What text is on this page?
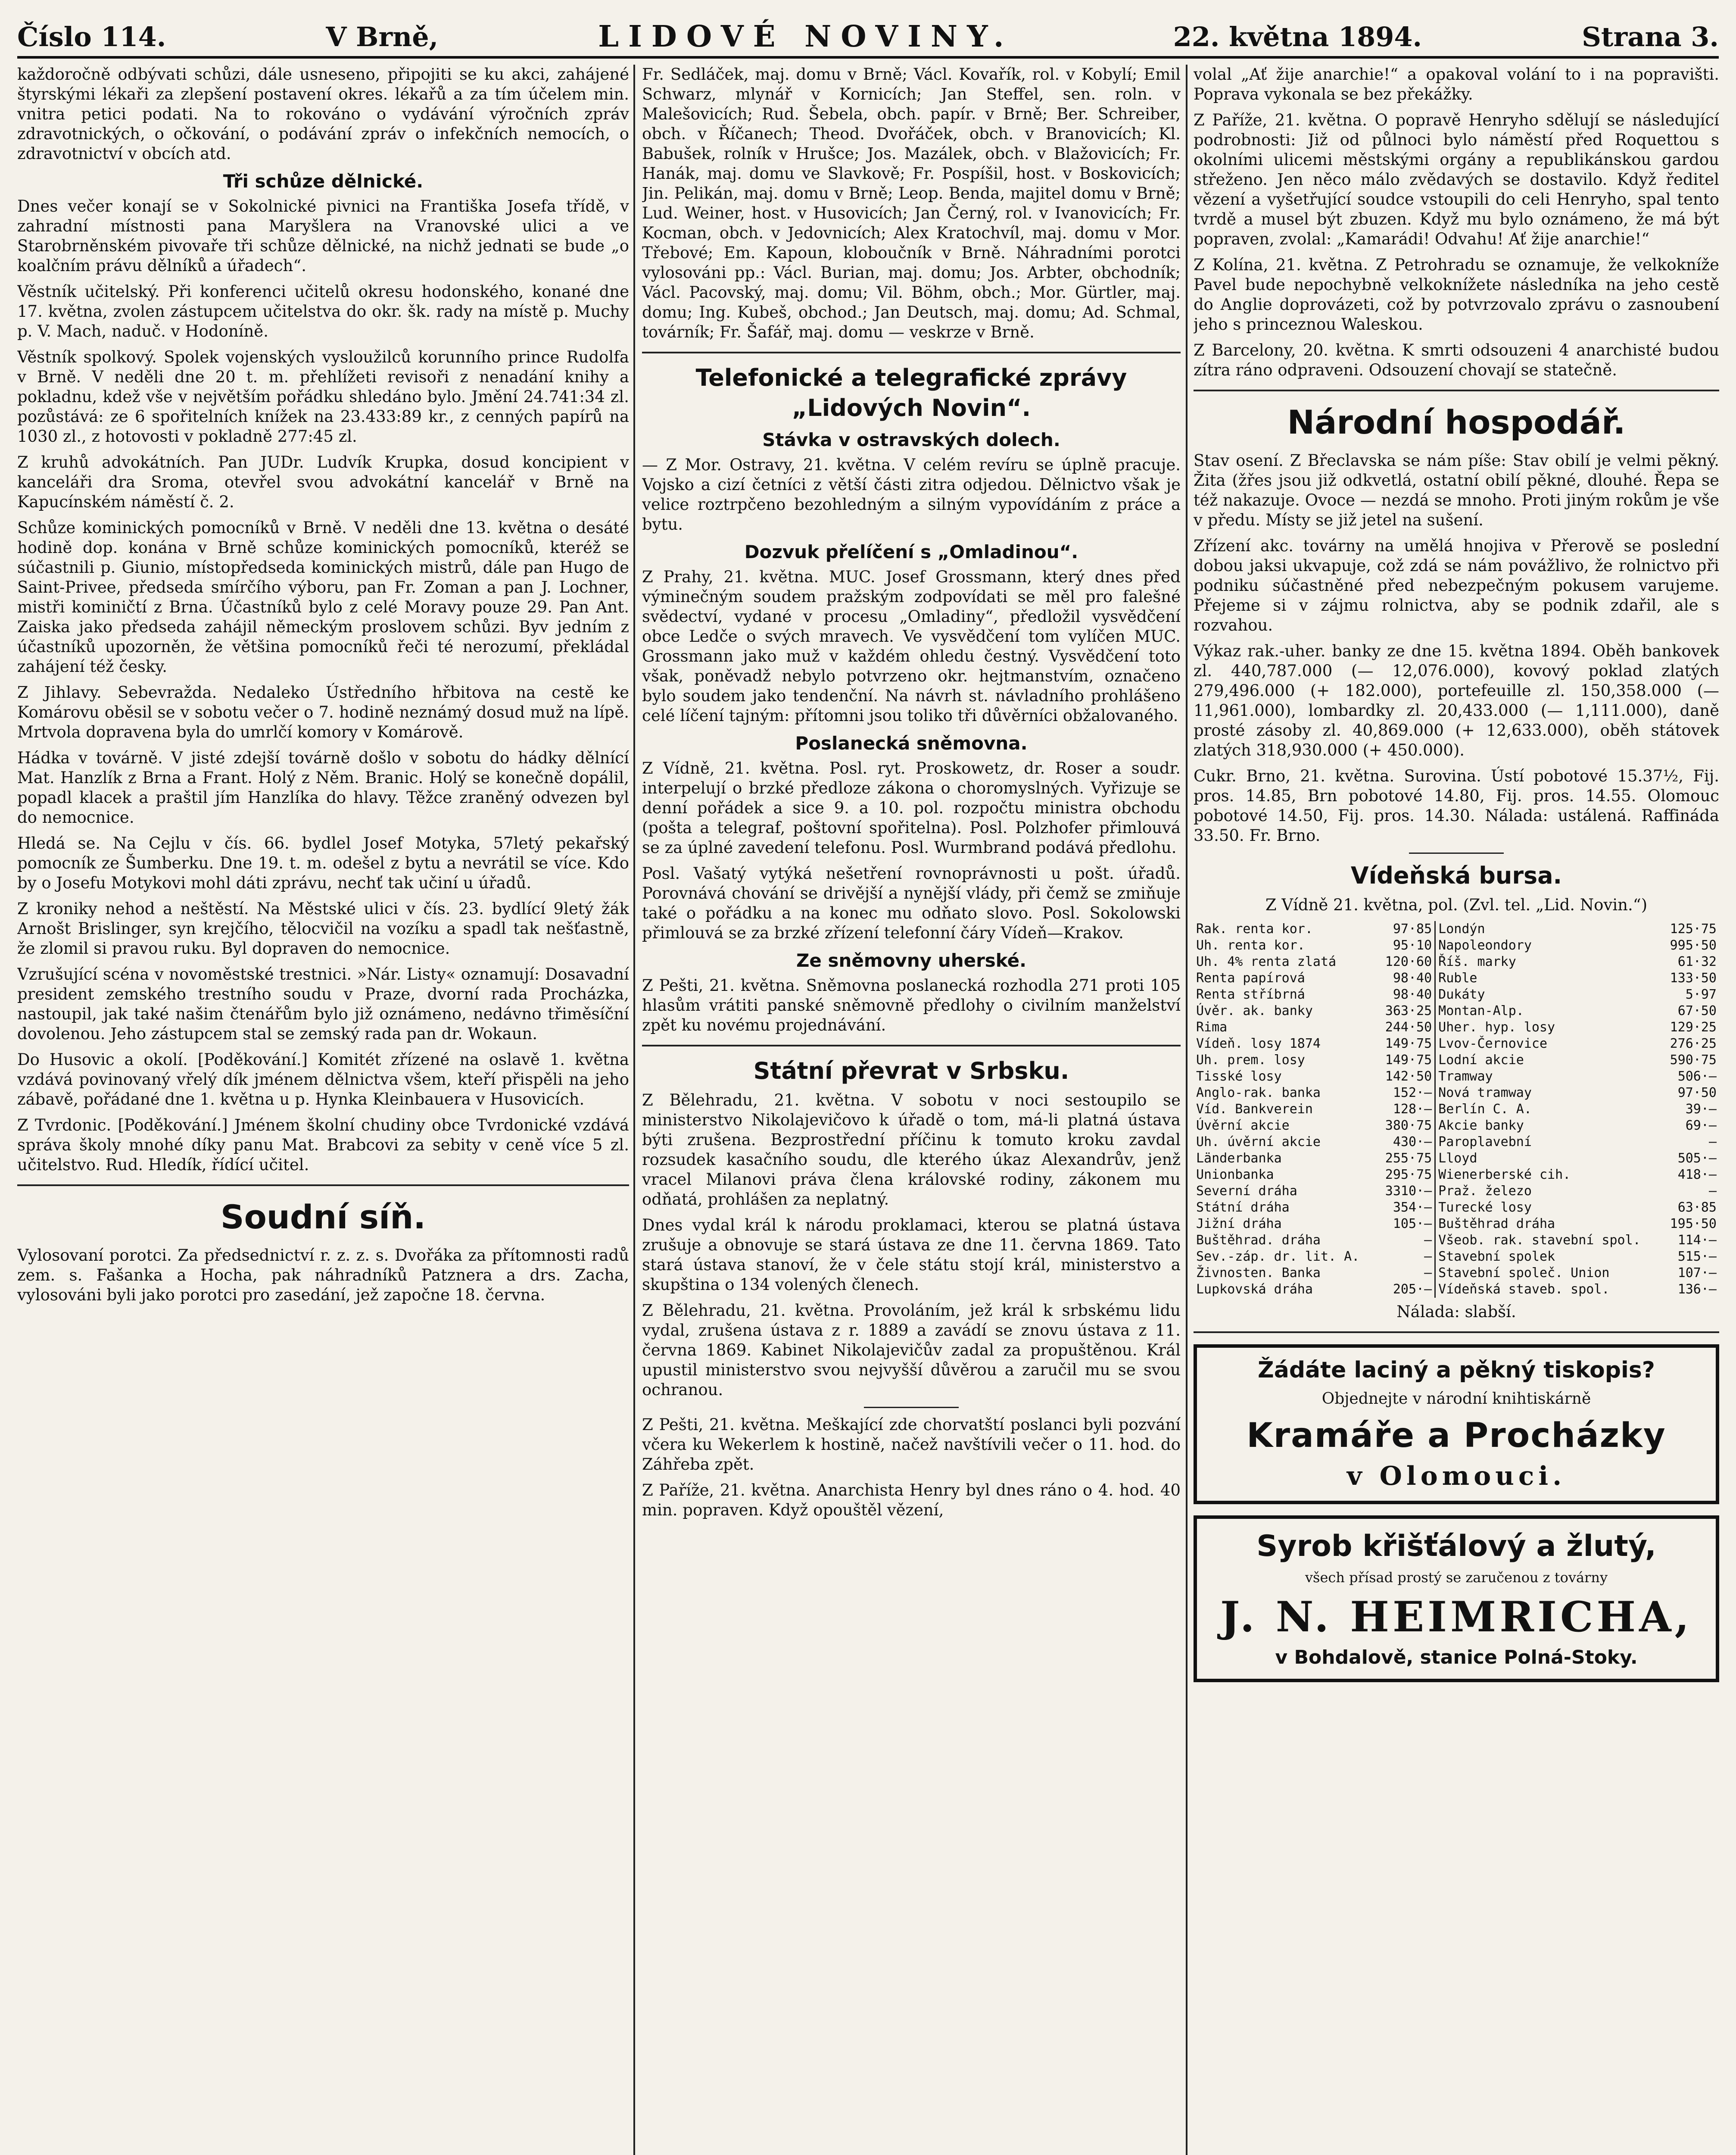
Číslo 114.	V Brně,	LIDOVÉ NOVINY.	22. května 1894.	Strana 3.

každoročně odbývati schůzi, dále usneseno, připojiti se ku akci, zahájené štyrskými lékaři za zlepšení postavení okres. lékařů a za tím účelem min. vnitra petici podati. Na to rokováno o vydávání výročních zpráv zdravotnických, o očkování, o podávání zpráv o infekčních nemocích, o zdravotnictví v obcích atd.

Tři schůze dělnické.

Dnes večer konají se v Sokolnické pivnici na Františka Josefa třídě, v zahradní místnosti pana Maryšlera na Vranovské ulici a ve Starobrněnském pivovaře tři schůze dělnické, na nichž jednati se bude „o koalčním právu dělníků a úřadech“.

Věstník učitelský. Při konferenci učitelů okresu hodonského, konané dne 17. května, zvolen zástupcem učitelstva do okr. šk. rady na místě p. Muchy p. V. Mach, naduč. v Hodoníně.

Věstník spolkový. Spolek vojenských vysloužilců korunního prince Rudolfa v Brně. V neděli dne 20 t. m. přehlížeti revisoři z nenadání knihy a pokladnu, kdež vše v největším pořádku shledáno bylo. Jmění 24.741:34 zl. pozůstává: ze 6 spořitelních knížek na 23.433:89 kr., z cenných papírů na 1030 zl., z hotovosti v pokladně 277:45 zl.

Z kruhů advokátních. Pan JUDr. Ludvík Krupka, dosud koncipient v kanceláři dra Sroma, otevřel svou advokátní kancelář v Brně na Kapucínském náměstí č. 2.

Schůze kominických pomocníků v Brně. V neděli dne 13. května o desáté hodině dop. konána v Brně schůze kominických pomocníků, kteréž se súčastnili p. Giunio, místopředseda kominických mistrů, dále pan Hugo de Saint-Privee, předseda smírčího výboru, pan Fr. Zoman a pan J. Lochner, mistři kominičtí z Brna. Účastníků bylo z celé Moravy pouze 29. Pan Ant. Zaiska jako předseda zahájil německým proslovem schůzi. Byv jedním z účastníků upozorněn, že většina pomocníků řeči té nerozumí, překládal zahájení též česky.

Z Jihlavy. Sebevražda. Nedaleko Ústředního hřbitova na cestě ke Komárovu oběsil se v sobotu večer o 7. hodině neznámý dosud muž na lípě. Mrtvola dopravena byla do umrlčí komory v Komárově.

Hádka v továrně. V jisté zdejší továrně došlo v sobotu do hádky dělnící Mat. Hanzlík z Brna a Frant. Holý z Něm. Branic. Holý se konečně dopálil, popadl klacek a praštil jím Hanzlíka do hlavy. Těžce zraněný odvezen byl do nemocnice.

Hledá se. Na Cejlu v čís. 66. bydlel Josef Motyka, 57letý pekařský pomocník ze Šumberku. Dne 19. t. m. odešel z bytu a nevrátil se více. Kdo by o Josefu Motykovi mohl dáti zprávu, nechť tak učiní u úřadů.

Z kroniky nehod a neštěstí. Na Městské ulici v čís. 23. bydlící 9letý žák Arnošt Brislinger, syn krejčího, tělocvičil na vozíku a spadl tak nešťastně, že zlomil si pravou ruku. Byl dopraven do nemocnice.

Vzrušující scéna v novoměstské trestnici. »Nár. Listy« oznamují: Dosavadní president zemského trestního soudu v Praze, dvorní rada Procházka, nastoupil, jak také našim čtenářům bylo již oznámeno, nedávno třiměsíční dovolenou. Jeho zástupcem stal se zemský rada pan dr. Wokaun.

Do Husovic a okolí. [Poděkování.] Komitét zřízené na oslavě 1. května vzdává povinovaný vřelý dík jménem dělnictva všem, kteří přispěli na jeho zábavě, pořádané dne 1. května u p. Hynka Kleinbauera v Husovicích.

Z Tvrdonic. [Poděkování.] Jménem školní chudiny obce Tvrdonické vzdává správa školy mnohé díky panu Mat. Brabcovi za sebity v ceně více 5 zl. učitelstvo. Rud. Hledík, řídící učitel.

Soudní síň.

Vylosovaní porotci. Za předsednictví r. z. z. s. Dvořáka za přítomnosti radů zem. s. Fašanka a Hocha, pak náhradníků Patznera a drs. Zacha, vylosováni byli jako porotci pro zasedání, jež započne 18. června.

Fr. Sedláček, maj. domu v Brně; Václ. Kovařík, rol. v Kobylí; Emil Schwarz, mlynář v Kornicích; Jan Steffel, sen. roln. v Malešovicích; Rud. Šebela, obch. papír. v Brně; Ber. Schreiber, obch. v Říčanech; Theod. Dvořáček, obch. v Branovicích; Kl. Babušek, rolník v Hrušce; Jos. Mazálek, obch. v Blažovicích; Fr. Hanák, maj. domu ve Slavkově; Fr. Pospíšil, host. v Boskovicích; Jin. Pelikán, maj. domu v Brně; Leop. Benda, majitel domu v Brně; Lud. Weiner, host. v Husovicích; Jan Černý, rol. v Ivanovicích; Fr. Kocman, obch. v Jedovnicích; Alex Kratochvíl, maj. domu v Mor. Třebové; Em. Kapoun, kloboučník v Brně. Náhradními porotci vylosováni pp.: Václ. Burian, maj. domu; Jos. Arbter, obchodník; Václ. Pacovský, maj. domu; Vil. Böhm, obch.; Mor. Gürtler, maj. domu; Ing. Kubeš, obchod.; Jan Deutsch, maj. domu; Ad. Schmal, továrník; Fr. Šafář, maj. domu — veskrze v Brně.

Telefonické a telegrafické zprávy „Lidových Novin“.
Stávka v ostravských dolech.

— Z Mor. Ostravy, 21. května. V celém revíru se úplně pracuje. Vojsko a cizí četníci z větší části zitra odjedou. Dělnictvo však je velice roztrpčeno bezohledným a silným vypovídáním z práce a bytu.

Dozvuk přelíčení s „Omladinou“.

Z Prahy, 21. května. MUC. Josef Grossmann, který dnes před výminečným soudem pražským zodpovídati se měl pro falešné svědectví, vydané v procesu „Omladiny“, předložil vysvědčení obce Ledče o svých mravech. Ve vysvědčení tom vylíčen MUC. Grossmann jako muž v každém ohledu čestný. Vysvědčení toto však, poněvadž nebylo potvrzeno okr. hejtmanstvím, označeno bylo soudem jako tendenční. Na návrh st. návladního prohlášeno celé líčení tajným: přítomni jsou toliko tři důvěrníci obžalovaného.

Poslanecká sněmovna.

Z Vídně, 21. května. Posl. ryt. Proskowetz, dr. Roser a soudr. interpelují o brzké předloze zákona o choromyslných. Vyřizuje se denní pořádek a sice 9. a 10. pol. rozpočtu ministra obchodu (pošta a telegraf, poštovní spořitelna). Posl. Polzhofer přimlouvá se za úplné zavedení telefonu. Posl. Wurmbrand podává předlohu.

Posl. Vašatý vytýká nešetření rovnoprávnosti u pošt. úřadů. Porovnává chování se drivější a nynější vlády, při čemž se zmiňuje také o pořádku a na konec mu odňato slovo. Posl. Sokolowski přimlouvá se za brzké zřízení telefonní čáry Vídeň—Krakov.

Ze sněmovny uherské.

Z Pešti, 21. května. Sněmovna poslanecká rozhodla 271 proti 105 hlasům vrátiti panské sněmovně předlohy o civilním manželství zpět ku novému projednávání.

Státní převrat v Srbsku.

Z Bělehradu, 21. května. V sobotu v noci sestoupilo se ministerstvo Nikolajevičovo k úřadě o tom, má-li platná ústava býti zrušena. Bezprostřední příčinu k tomuto kroku zavdal rozsudek kasačního soudu, dle kterého úkaz Alexandrův, jenž vracel Milanovi práva člena královské rodiny, zákonem mu odňatá, prohlášen za neplatný.

Dnes vydal král k národu proklamaci, kterou se platná ústava zrušuje a obnovuje se stará ústava ze dne 11. června 1869. Tato stará ústava stanoví, že v čele státu stojí král, ministerstvo a skupština o 134 volených členech.

Z Bělehradu, 21. května. Provoláním, jež král k srbskému lidu vydal, zrušena ústava z r. 1889 a zavádí se znovu ústava z 11. června 1869. Kabinet Nikolajevičův zadal za propuštěnou. Král upustil ministerstvo svou nejvyšší důvěrou a zaručil mu se svou ochranou.

Z Pešti, 21. května. Meškající zde chorvatští poslanci byli pozvání včera ku Wekerlem k hostině, načež navštívili večer o 11. hod. do Záhřeba zpět.

Z Paříže, 21. května. Anarchista Henry byl dnes ráno o 4. hod. 40 min. popraven. Když opouštěl vězení,

volal „Ať žije anarchie!“ a opakoval volání to i na popravišti. Poprava vykonala se bez překážky.

Z Paříže, 21. května. O popravě Henryho sdělují se následující podrobnosti: Již od půlnoci bylo náměstí před Roquettou s okolními ulicemi městskými orgány a republikánskou gardou střeženo. Jen něco málo zvědavých se dostavilo. Když ředitel vězení a vyšetřující soudce vstoupili do celi Henryho, spal tento tvrdě a musel být zbuzen. Když mu bylo oznámeno, že má být popraven, zvolal: „Kamarádi! Odvahu! Ať žije anarchie!“

Z Kolína, 21. května. Z Petrohradu se oznamuje, že velkokníže Pavel bude nepochybně velkoknížete následníka na jeho cestě do Anglie doprovázeti, což by potvrzovalo zprávu o zasnoubení jeho s princeznou Waleskou.

Z Barcelony, 20. května. K smrti odsouzeni 4 anarchisté budou zítra ráno odpraveni. Odsouzení chovají se statečně.

Národní hospodář.

Stav osení. Z Břeclavska se nám píše: Stav obilí je velmi pěkný. Žita (žřes jsou již odkvetlá, ostatní obilí pěkné, dlouhé. Řepa se též nakazuje. Ovoce — nezdá se mnoho. Proti jiným rokům je vše v předu. Místy se již jetel na sušení.

Zřízení akc. továrny na umělá hnojiva v Přerově se poslední dobou jaksi ukvapuje, což zdá se nám povážlivo, že rolnictvo při podniku súčastněné před nebezpečným pokusem varujeme. Přejeme si v zájmu rolnictva, aby se podnik zdařil, ale s rozvahou.

Výkaz rak.-uher. banky ze dne 15. května 1894. Oběh bankovek zl. 440,787.000 (— 12,076.000), kovový poklad zlatých 279,496.000 (+ 182.000), portefeuille zl. 150,358.000 (— 11,961.000), lombardky zl. 20,433.000 (— 1,111.000), daně prosté zásoby zl. 40,869.000 (+ 12,633.000), oběh státovek zlatých 318,930.000 (+ 450.000).

Cukr. Brno, 21. května. Surovina. Ústí pobotové 15.37½, Fij. pros. 14.85, Brn pobotové 14.80, Fij. pros. 14.55. Olomouc pobotové 14.50, Fij. pros. 14.30. Nálada: ustálená. Raffináda 33.50. Fr. Brno.

Vídeňská bursa.

Z Vídně 21. května, pol. (Zvl. tel. „Lid. Novin.“)

Rak. renta kor.	97·85	Londýn	125·75
Uh. renta kor.	95·10	Napoleondory	995·50
Uh. 4% renta zlatá	120·60	Říš. marky	61·32
Renta papírová	98·40	Ruble	133·50
Renta stříbrná	98·40	Dukáty	5·97
Úvěr. ak. banky	363·25	Montan-Alp.	67·50
Rima	244·50	Uher. hyp. losy	129·25
Vídeň. losy 1874	149·75	Lvov-Černovice	276·25
Uh. prem. losy	149·75	Lodní akcie	590·75
Tisské losy	142·50	Tramway	506·—
Anglo-rak. banka	152·—	Nová tramway	97·50
Víd. Bankverein	128·—	Berlín C. A.	39·—
Úvěrní akcie	380·75	Akcie banky	69·—
Uh. úvěrní akcie	430·—	Paroplavební	—
Länderbanka	255·75	Lloyd	505·—
Unionbanka	295·75	Wienerberské cih.	418·—
Severní dráha	3310·—	Praž. železo	—
Státní dráha	354·—	Turecké losy	63·85
Jižní dráha	105·—	Buštěhrad dráha	195·50
Buštěhrad. dráha	—	Všeob. rak. stavební spol.	114·—
Sev.-záp. dr. lit. A.	—	Stavební spolek	515·—
Živnosten. Banka	—	Stavební společ. Union	107·—
Lupkovská dráha	205·—	Vídeňská staveb. spol.	136·—

Nálada: slabší.

Žádáte laciný a pěkný tiskopis?
Objednejte v národní knihtiskárně
Kramáře a Procházky
v Olomouci.
Syrob křišťálový a žlutý,
všech přísad prostý se zaručenou z továrny
J. N. HEIMRICHA,
v Bohdalově, stanice Polná-Stoky.
